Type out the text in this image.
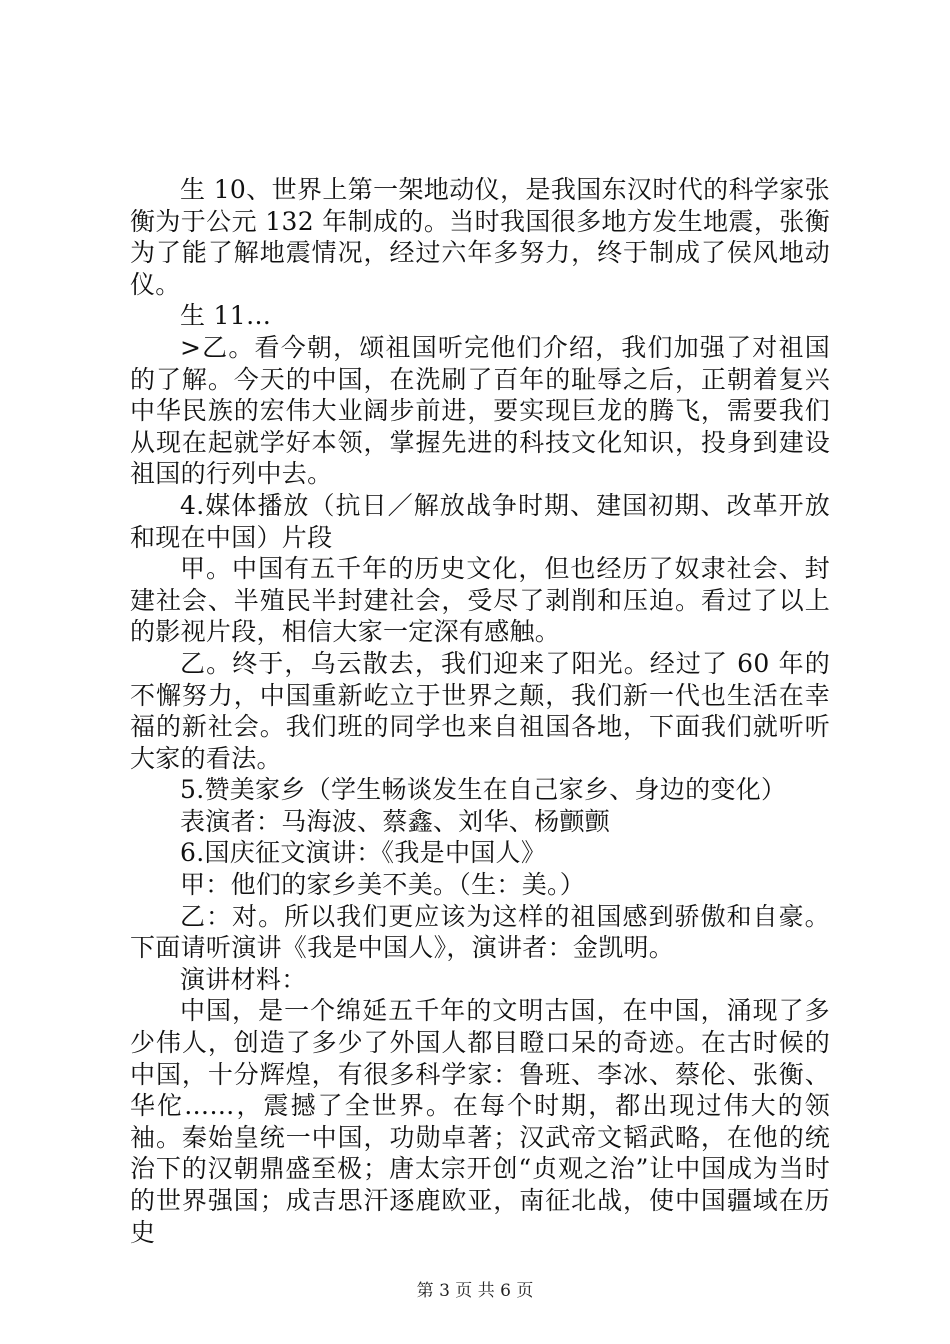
生 10、世界上第一架地动仪，是我国东汉时代的科学家张衡为于公元 132 年制成的。当时我国很多地方发生地震，张衡为了能了解地震情况，经过六年多努力，终于制成了侯风地动仪。

生 11…

>乙。看今朝，颂祖国听完他们介绍，我们加强了对祖国的了解。今天的中国，在洗刷了百年的耻辱之后，正朝着复兴中华民族的宏伟大业阔步前进，要实现巨龙的腾飞，需要我们从现在起就学好本领，掌握先进的科技文化知识，投身到建设祖国的行列中去。

4.媒体播放（抗日／解放战争时期、建国初期、改革开放和现在中国）片段

甲。中国有五千年的历史文化，但也经历了奴隶社会、封建社会、半殖民半封建社会，受尽了剥削和压迫。看过了以上的影视片段，相信大家一定深有感触。

乙。终于，乌云散去，我们迎来了阳光。经过了 60 年的不懈努力，中国重新屹立于世界之颠，我们新一代也生活在幸福的新社会。我们班的同学也来自祖国各地，下面我们就听听大家的看法。

5.赞美家乡（学生畅谈发生在自己家乡、身边的变化）

表演者：马海波、蔡鑫、刘华、杨颤颤

6.国庆征文演讲：《我是中国人》

甲：他们的家乡美不美。（生：美。）

乙：对。所以我们更应该为这样的祖国感到骄傲和自豪。下面请听演讲《我是中国人》，演讲者：金凯明。

演讲材料：

中国，是一个绵延五千年的文明古国，在中国，涌现了多少伟人，创造了多少了外国人都目瞪口呆的奇迹。在古时候的中国，十分辉煌，有很多科学家：鲁班、李冰、蔡伦、张衡、华佗……，震撼了全世界。在每个时期，都出现过伟大的领袖。秦始皇统一中国，功勋卓著；汉武帝文韬武略，在他的统治下的汉朝鼎盛至极；唐太宗开创“贞观之治”让中国成为当时的世界强国；成吉思汗逐鹿欧亚，南征北战，使中国疆域在历史

第 3 页 共 6 页
